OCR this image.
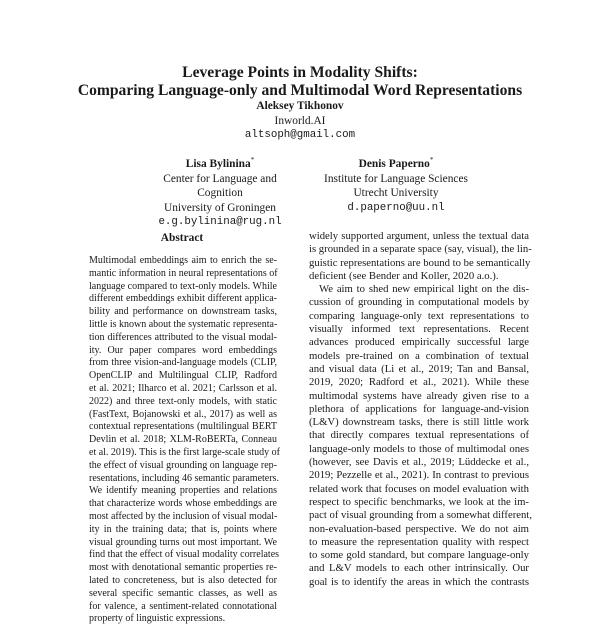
Leverage Points in Modality Shifts:
Comparing Language-only and Multimodal Word Representations
Aleksey Tikhonov
Inworld.AI
altsoph@gmail.com
Lisa Bylinina*
Center for Language and Cognition
University of Groningen
e.g.bylinina@rug.nl
Denis Paperno*
Institute for Language Sciences
Utrecht University
d.paperno@uu.nl
Abstract
Multimodal embeddings aim to enrich the se-
mantic information in neural representations of
language compared to text-only models. While
different embeddings exhibit different applica-
bility and performance on downstream tasks,
little is known about the systematic representa-
tion differences attributed to the visual modal-
ity. Our paper compares word embeddings
from three vision-and-language models (CLIP,
OpenCLIP and Multilingual CLIP, Radford
et al. 2021; Ilharco et al. 2021; Carlsson et al.
2022) and three text-only models, with static
(FastText, Bojanowski et al., 2017) as well as
contextual representations (multilingual BERT
Devlin et al. 2018; XLM-RoBERTa, Conneau
et al. 2019). This is the first large-scale study of
the effect of visual grounding on language rep-
resentations, including 46 semantic parameters.
We identify meaning properties and relations
that characterize words whose embeddings are
most affected by the inclusion of visual modal-
ity in the training data; that is, points where
visual grounding turns out most important. We
find that the effect of visual modality correlates
most with denotational semantic properties re-
lated to concreteness, but is also detected for
several specific semantic classes, as well as
for valence, a sentiment-related connotational
property of linguistic expressions.
widely supported argument, unless the textual data
is grounded in a separate space (say, visual), the lin-
guistic representations are bound to be semantically
deficient (see Bender and Koller, 2020 a.o.).
We aim to shed new empirical light on the dis-
cussion of grounding in computational models by
comparing language-only text representations to
visually informed text representations. Recent
advances produced empirically successful large
models pre-trained on a combination of textual
and visual data (Li et al., 2019; Tan and Bansal,
2019, 2020; Radford et al., 2021). While these
multimodal systems have already given rise to a
plethora of applications for language-and-vision
(L&V) downstream tasks, there is still little work
that directly compares textual representations of
language-only models to those of multimodal ones
(however, see Davis et al., 2019; Lüddecke et al.,
2019; Pezzelle et al., 2021). In contrast to previous
related work that focuses on model evaluation with
respect to specific benchmarks, we look at the im-
pact of visual grounding from a somewhat different,
non-evaluation-based perspective. We do not aim
to measure the representation quality with respect
to some gold standard, but compare language-only
and L&V models to each other intrinsically. Our
goal is to identify the areas in which the contrasts
